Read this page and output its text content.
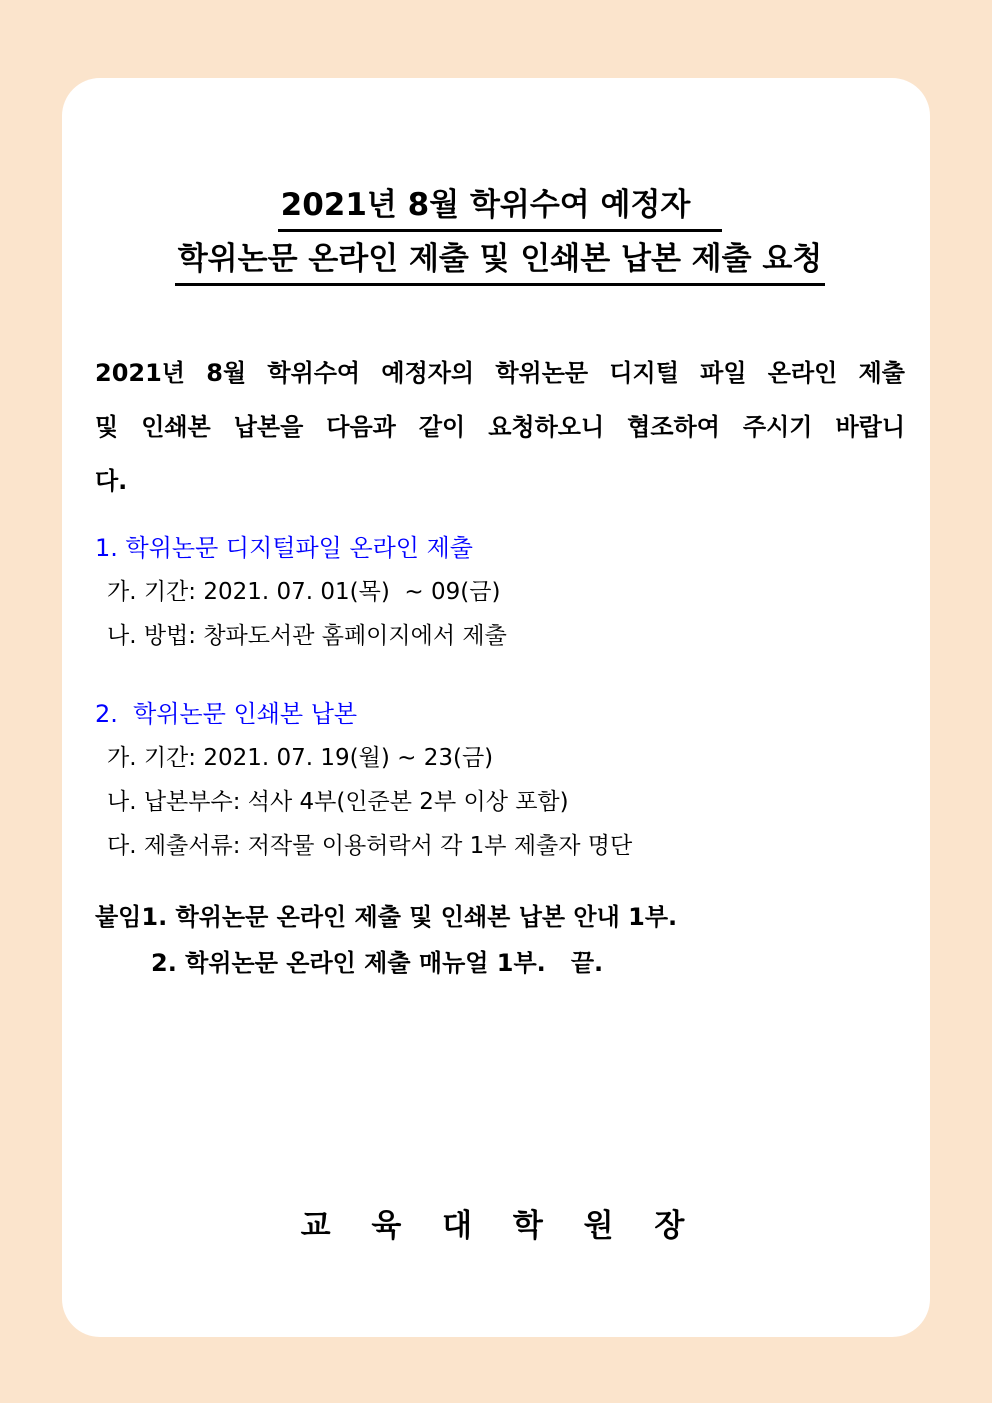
2021년 8월 학위수여 예정자
학위논문 온라인 제출 및 인쇄본 납본 제출 요청
2021년 8월 학위수여 예정자의 학위논문 디지털 파일 온라인 제출
및 인쇄본 납본을 다음과 같이 요청하오니 협조하여 주시기 바랍니
다.
1. 학위논문 디지털파일 온라인 제출
가. 기간: 2021. 07. 01(목)  ~ 09(금)
나. 방법: 창파도서관 홈페이지에서 제출
2.  학위논문 인쇄본 납본
가. 기간: 2021. 07. 19(월) ~ 23(금)
나. 납본부수: 석사 4부(인준본 2부 이상 포함)
다. 제출서류: 저작물 이용허락서 각 1부 제출자 명단
붙임1. 학위논문 온라인 제출 및 인쇄본 납본 안내 1부.
2. 학위논문 온라인 제출 매뉴얼 1부.   끝.
교 육 대 학 원 장
